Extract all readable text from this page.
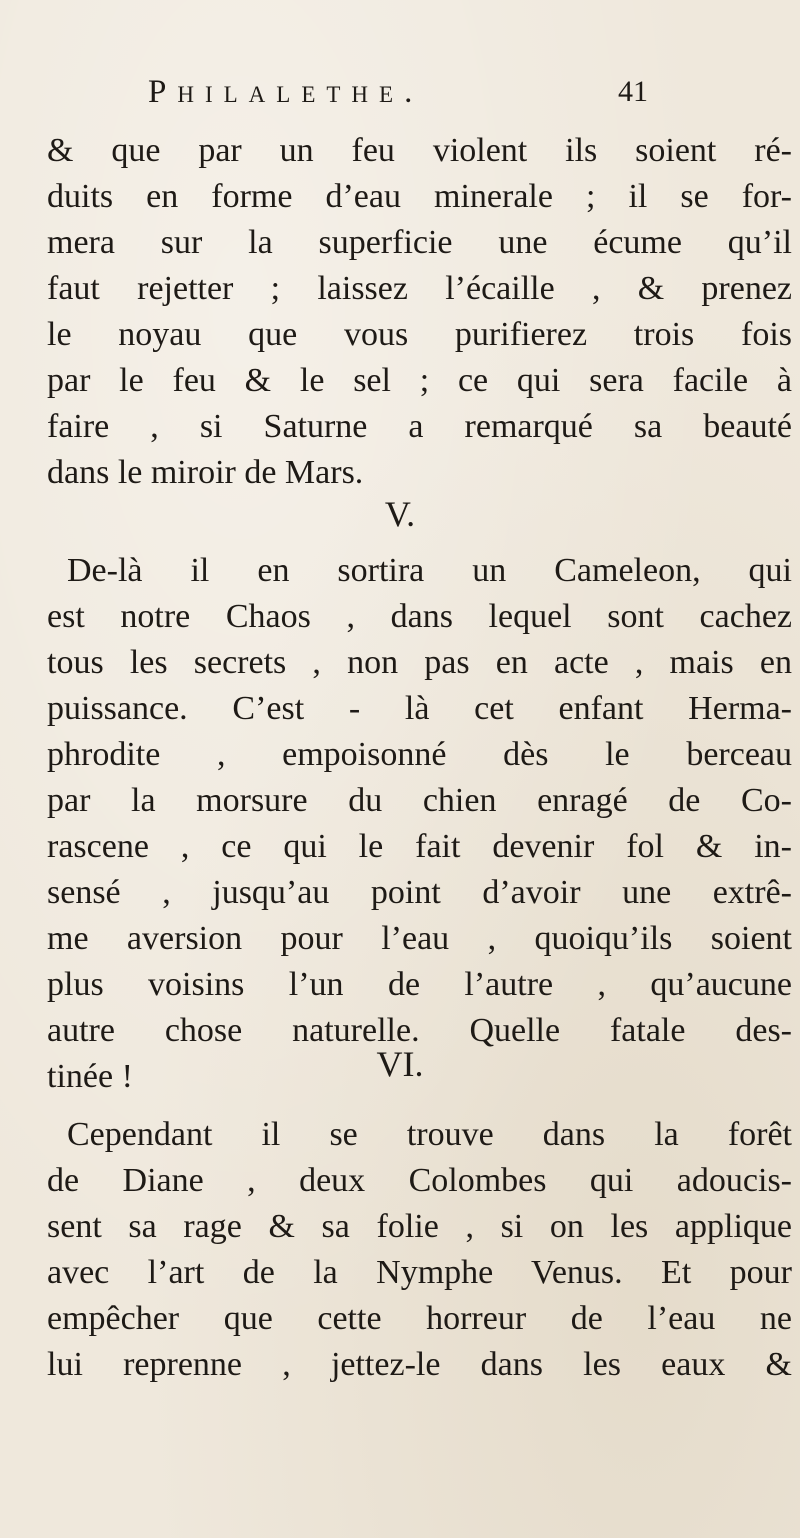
Philalethe.	41
& que par un feu violent ils soient ré-
duits en forme d’eau minerale ; il se for-
mera sur la superficie une écume qu’il
faut rejetter ; laissez l’écaille , & prenez
le noyau que vous purifierez trois fois
par le feu & le sel ; ce qui sera facile à
faire , si Saturne a remarqué sa beauté
dans le miroir de Mars.
V.
De-là il en sortira un Cameleon, qui
est notre Chaos , dans lequel sont cachez
tous les secrets , non pas en acte , mais en
puissance. C’est - là cet enfant Herma-
phrodite , empoisonné dès le berceau
par la morsure du chien enragé de Co-
rascene , ce qui le fait devenir fol & in-
sensé , jusqu’au point d’avoir une extrê-
me aversion pour l’eau , quoiqu’ils soient
plus voisins l’un de l’autre , qu’aucune
autre chose naturelle. Quelle fatale des-
tinée !	VI.
Cependant il se trouve dans la forêt
de Diane , deux Colombes qui adoucis-
sent sa rage & sa folie , si on les applique
avec l’art de la Nymphe Venus. Et pour
empêcher que cette horreur de l’eau ne
lui reprenne , jettez-le dans les eaux &
